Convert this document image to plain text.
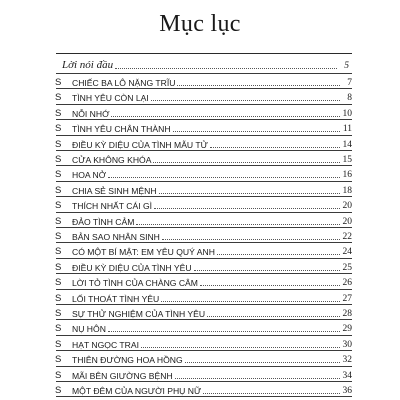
Mục lục
Lời nói đầu	5
S	CHIẾC BA LÔ NẶNG TRĨU	7
S	TÌNH YÊU CÒN LẠI	8
S	NỖI NHỚ	10
S	TÌNH YÊU CHÂN THÀNH	11
S	ĐIỀU KỲ DIỆU CỦA TÌNH MẪU TỬ	14
S	CỬA KHÔNG KHÓA	15
S	HOA NỞ	16
S	CHIA SẺ SINH MỆNH	18
S	THÍCH NHẤT CÁI GÌ	20
S	ĐẢO TÌNH CẢM	20
S	BẢN SAO NHÂN SINH	22
S	CÓ MỘT BÍ MẬT: EM YÊU QUÝ ANH	24
S	ĐIỀU KỲ DIỆU CỦA TÌNH YÊU	25
S	LỜI TỎ TÌNH CỦA CHÀNG CÂM	26
S	LỐI THOÁT TÌNH YÊU	27
S	SỰ THỬ NGHIỆM CỦA TÌNH YÊU	28
S	NỤ HÔN	29
S	HẠT NGỌC TRAI	30
S	THIÊN ĐƯỜNG HOA HỒNG	32
S	MÃI BÊN GIƯỜNG BỆNH	34
S	MỘT ĐÊM CỦA NGƯỜI PHỤ NỮ	36
